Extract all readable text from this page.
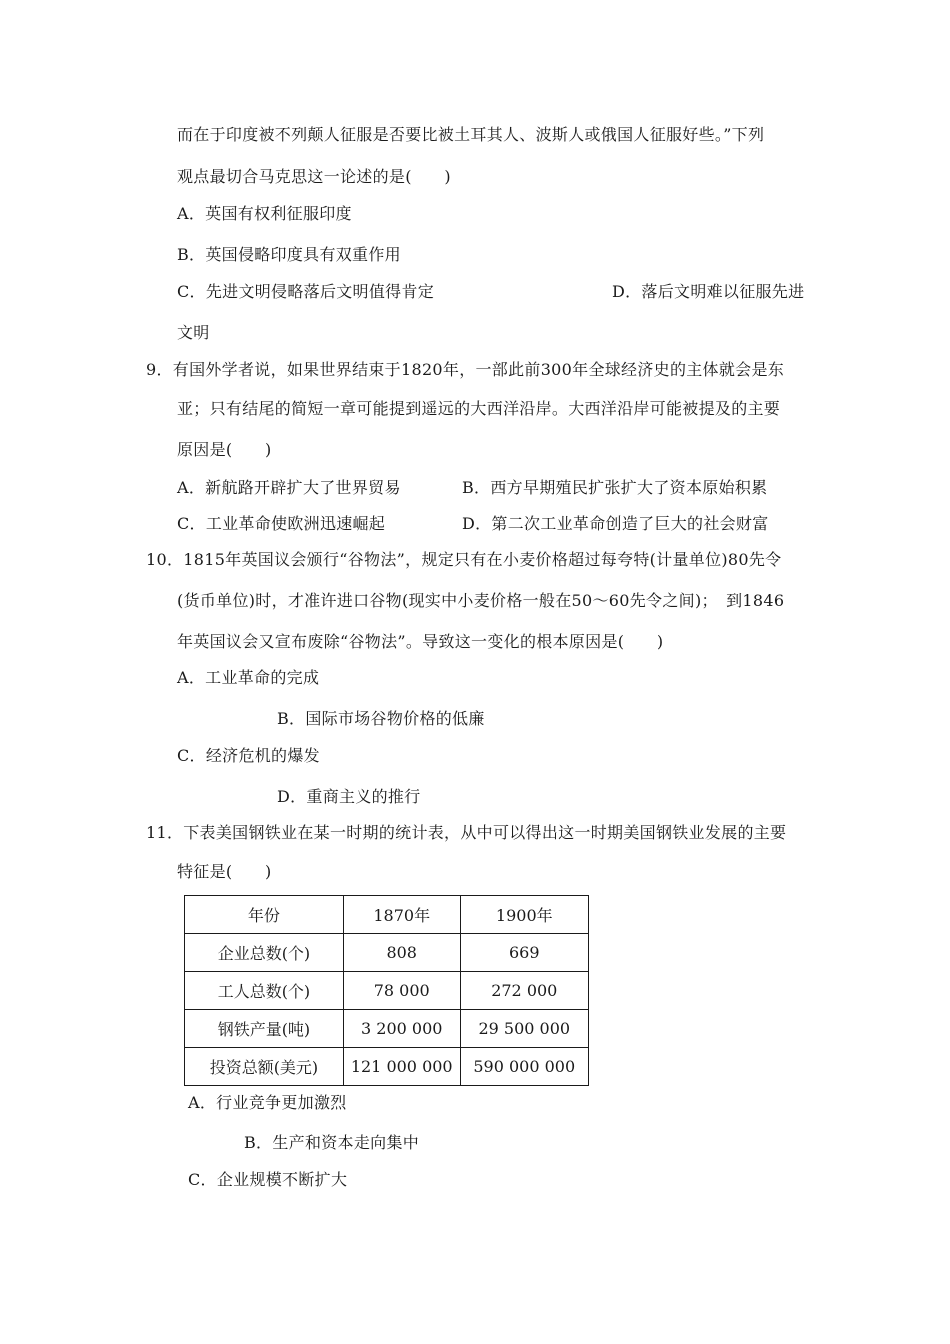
而在于印度被不列颠人征服是否要比被土耳其人、波斯人或俄国人征服好些。”下列
观点最切合马克思这一论述的是(　　)
A．英国有权利征服印度
B．英国侵略印度具有双重作用
C．先进文明侵略落后文明值得肯定	D．落后文明难以征服先进
文明
9．有国外学者说，如果世界结束于1820年，一部此前300年全球经济史的主体就会是东
亚；只有结尾的简短一章可能提到遥远的大西洋沿岸。大西洋沿岸可能被提及的主要
原因是(　　)
A．新航路开辟扩大了世界贸易	B．西方早期殖民扩张扩大了资本原始积累
C．工业革命使欧洲迅速崛起	D．第二次工业革命创造了巨大的社会财富
10．1815年英国议会颁行“谷物法”，规定只有在小麦价格超过每夸特(计量单位)80先令
(货币单位)时，才准许进口谷物(现实中小麦价格一般在50～60先令之间)；　到1846
年英国议会又宣布废除“谷物法”。导致这一变化的根本原因是(　　)
A．工业革命的完成
B．国际市场谷物价格的低廉
C．经济危机的爆发
D．重商主义的推行
11．下表美国钢铁业在某一时期的统计表，从中可以得出这一时期美国钢铁业发展的主要
特征是(　　)
年份	1870年	1900年
企业总数(个)	808	669
工人总数(个)	78 000	272 000
钢铁产量(吨)	3 200 000	29 500 000
投资总额(美元)	121 000 000	590 000 000
A．行业竞争更加激烈
B．生产和资本走向集中
C．企业规模不断扩大
